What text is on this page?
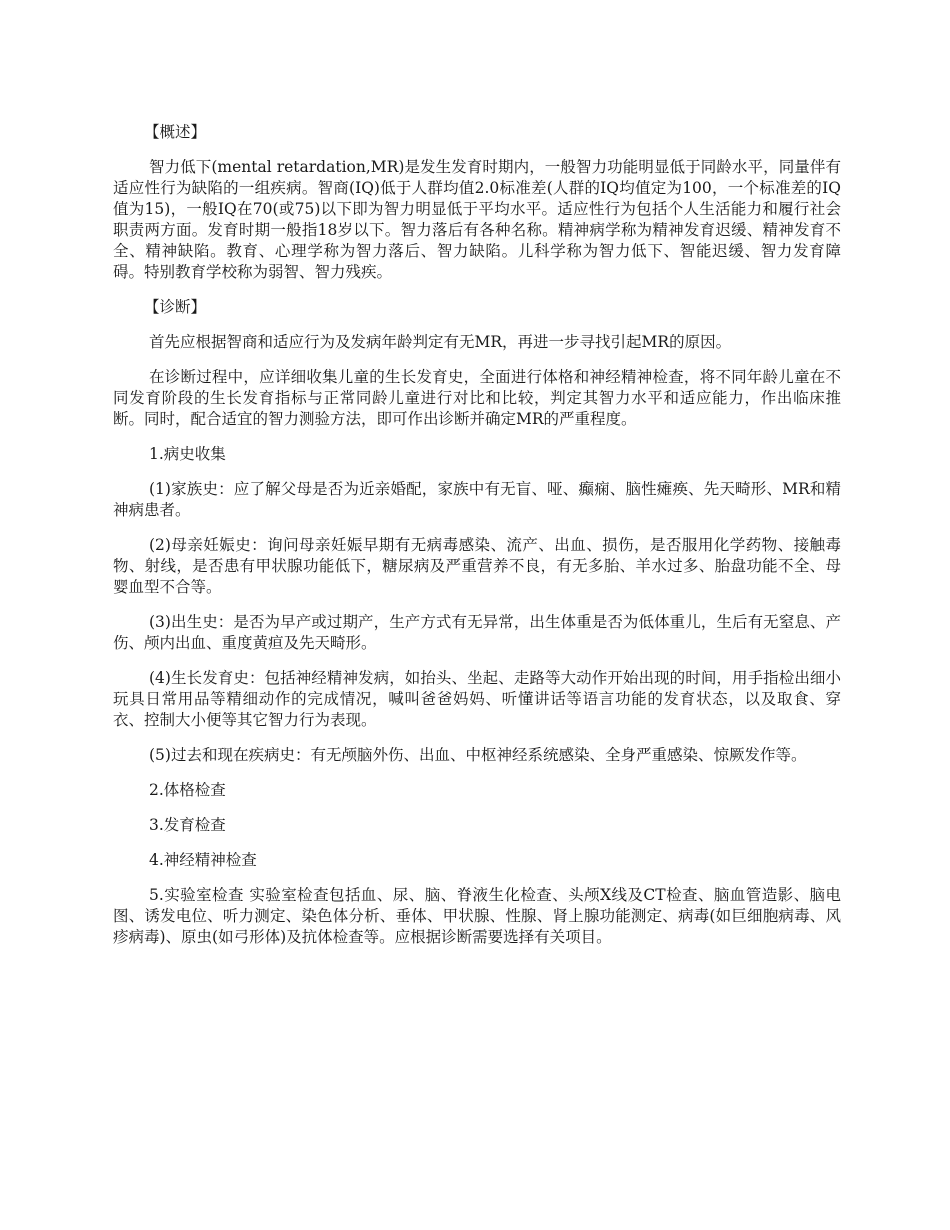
【概述】

智力低下(mental retardation,MR)是发生发育时期内，一般智力功能明显低于同龄水平，同量伴有适应性行为缺陷的一组疾病。智商(IQ)低于人群均值2.0标准差(人群的IQ均值定为100，一个标准差的IQ值为15)，一般IQ在70(或75)以下即为智力明显低于平均水平。适应性行为包括个人生活能力和履行社会职责两方面。发育时期一般指18岁以下。智力落后有各种名称。精神病学称为精神发育迟缓、精神发育不全、精神缺陷。教育、心理学称为智力落后、智力缺陷。儿科学称为智力低下、智能迟缓、智力发育障碍。特别教育学校称为弱智、智力残疾。

【诊断】

首先应根据智商和适应行为及发病年龄判定有无MR，再进一步寻找引起MR的原因。

在诊断过程中，应详细收集儿童的生长发育史，全面进行体格和神经精神检查，将不同年龄儿童在不同发育阶段的生长发育指标与正常同龄儿童进行对比和比较，判定其智力水平和适应能力，作出临床推断。同时，配合适宜的智力测验方法，即可作出诊断并确定MR的严重程度。

1.病史收集

(1)家族史：应了解父母是否为近亲婚配，家族中有无盲、哑、癫痫、脑性瘫痪、先天畸形、MR和精神病患者。

(2)母亲妊娠史：询问母亲妊娠早期有无病毒感染、流产、出血、损伤，是否服用化学药物、接触毒物、射线，是否患有甲状腺功能低下，糖尿病及严重营养不良，有无多胎、羊水过多、胎盘功能不全、母婴血型不合等。

(3)出生史：是否为早产或过期产，生产方式有无异常，出生体重是否为低体重儿，生后有无窒息、产伤、颅内出血、重度黄疸及先天畸形。

(4)生长发育史：包括神经精神发病，如抬头、坐起、走路等大动作开始出现的时间，用手指检出细小玩具日常用品等精细动作的完成情况，喊叫爸爸妈妈、听懂讲话等语言功能的发育状态，以及取食、穿衣、控制大小便等其它智力行为表现。

(5)过去和现在疾病史：有无颅脑外伤、出血、中枢神经系统感染、全身严重感染、惊厥发作等。

2.体格检查

3.发育检查

4.神经精神检查

5.实验室检查 实验室检查包括血、尿、脑、脊液生化检查、头颅X线及CT检查、脑血管造影、脑电图、诱发电位、听力测定、染色体分析、垂体、甲状腺、性腺、肾上腺功能测定、病毒(如巨细胞病毒、风疹病毒)、原虫(如弓形体)及抗体检查等。应根据诊断需要选择有关项目。
